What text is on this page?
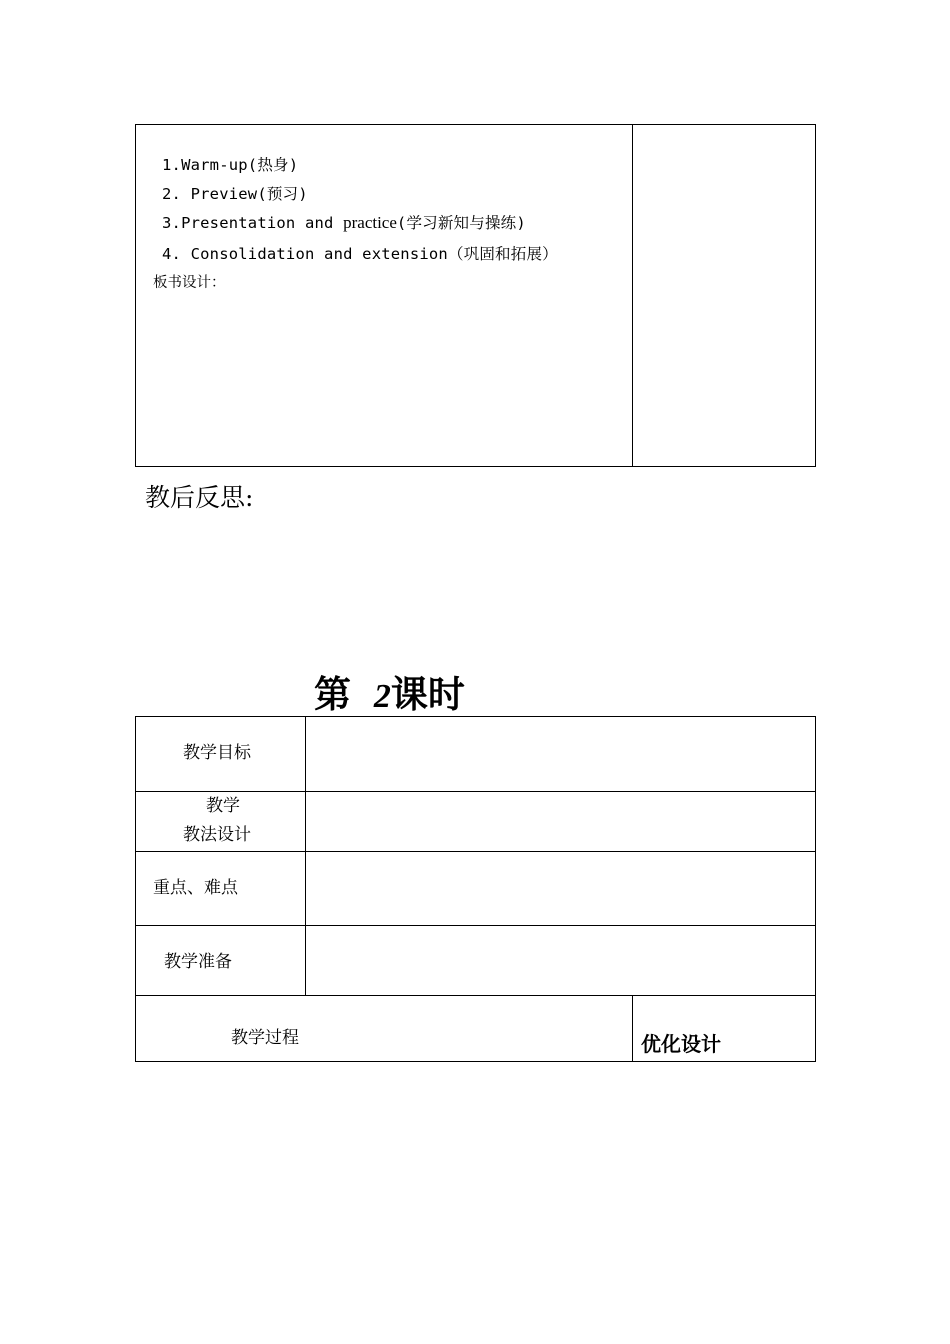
1.Warm-up(热身)
2. Preview(预习)
3.Presentation and practice(学习新知与操练)
4. Consolidation and extension（巩固和拓展）
板书设计：
教后反思:
第 2课时
教学目标
教学
教法设计
重点、难点
教学准备
教学过程	优化设计
